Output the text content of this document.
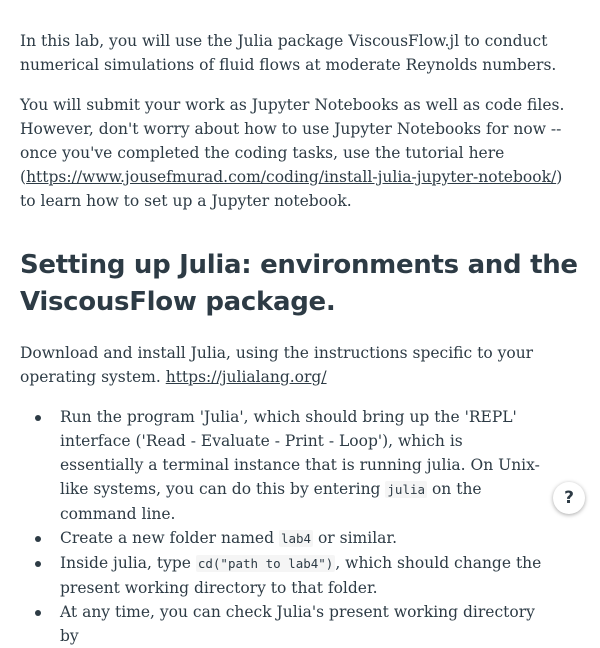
In this lab, you will use the Julia package ViscousFlow.jl to conduct numerical simulations of fluid flows at moderate Reynolds numbers.

You will submit your work as Jupyter Notebooks as well as code files. However, don't worry about how to use Jupyter Notebooks for now -- once you've completed the coding tasks, use the tutorial here (https://www.jousefmurad.com/coding/install-julia-jupyter-notebook/) to learn how to set up a Jupyter notebook.

Setting up Julia: environments and the ViscousFlow package.

Download and install Julia, using the instructions specific to your operating system. https://julialang.org/

Run the program 'Julia', which should bring up the 'REPL' interface ('Read - Evaluate - Print - Loop'), which is essentially a terminal instance that is running julia. On Unix-like systems, you can do this by entering julia on the command line.
Create a new folder named lab4 or similar.
Inside julia, type cd("path to lab4") , which should change the present working directory to that folder.
At any time, you can check Julia's present working directory by
?
